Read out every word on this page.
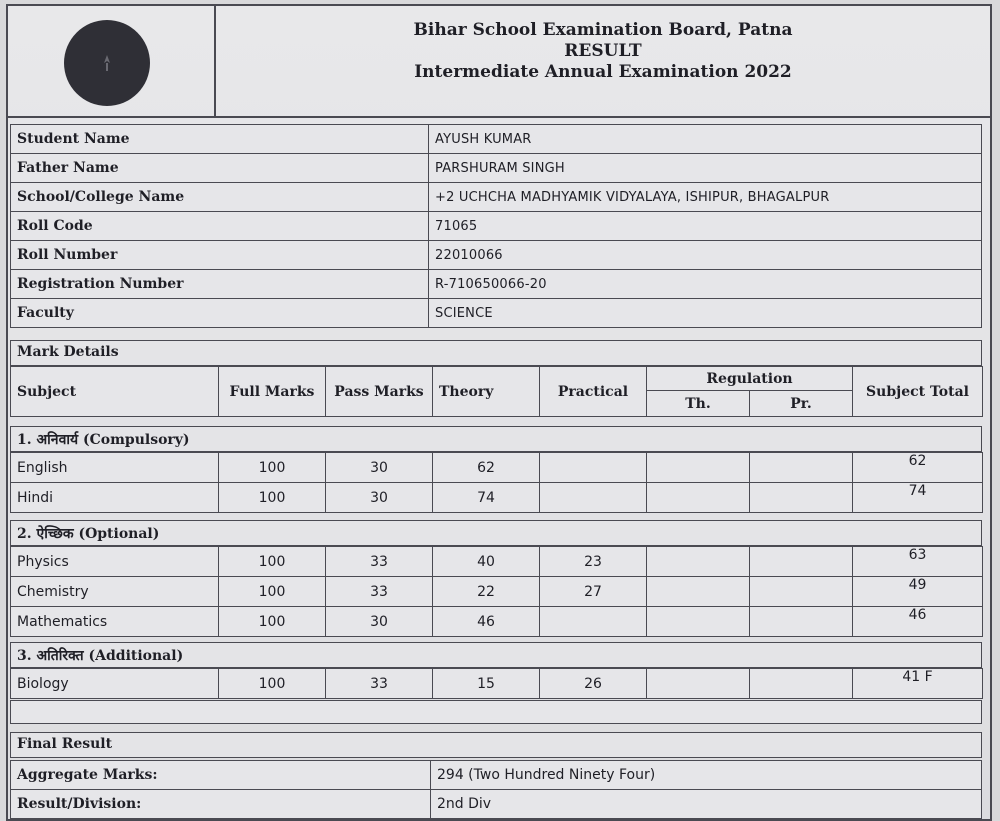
Bihar School Examination Board, Patna
RESULT
Intermediate Annual Examination 2022
Student Name	AYUSH KUMAR
Father Name	PARSHURAM SINGH
School/College Name	+2 UCHCHA MADHYAMIK VIDYALAYA, ISHIPUR, BHAGALPUR
Roll Code	71065
Roll Number	22010066
Registration Number	R-710650066-20
Faculty	SCIENCE
Mark Details
Subject	Full Marks	Pass Marks	Theory	Practical	Regulation		Subject Total
					Th.	Pr.	
1. अनिवार्य (Compulsory)
English	100	30	62				62
Hindi	100	30	74				74
2. ऐच्छिक (Optional)
Physics	100	33	40	23			63
Chemistry	100	33	22	27			49
Mathematics	100	30	46				46
3. अतिरिक्त (Additional)
Biology	100	33	15	26			41 F
Final Result
Aggregate Marks:	294 (Two Hundred Ninety Four)
Result/Division:	2nd Div
